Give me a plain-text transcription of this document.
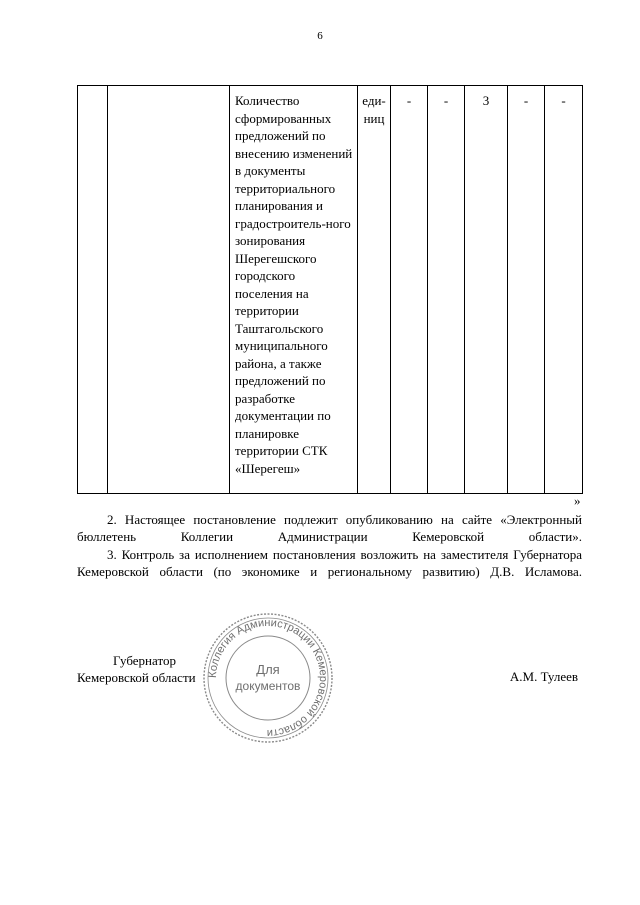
6
		Количество сформированных предложений по внесению изменений в документы территориального планирования и градостроитель-ного зонирования Шерегешского городского поселения на территории Таштагольского муниципального района, а также предложений по разработке документации по планировке территории СТК «Шерегеш»	еди-ниц	-	-	3	-	-
»
2. Настоящее постановление подлежит опубликованию на сайте «Электронный бюллетень Коллегии Администрации Кемеровской области».
3. Контроль за исполнением постановления возложить на заместителя Губернатора Кемеровской области (по экономике и региональному развитию) Д.В. Исламова.
Губернатор
Кемеровской области	А.М. Тулеев
Коллегия Администрации Кемеровской области
Для
документов
